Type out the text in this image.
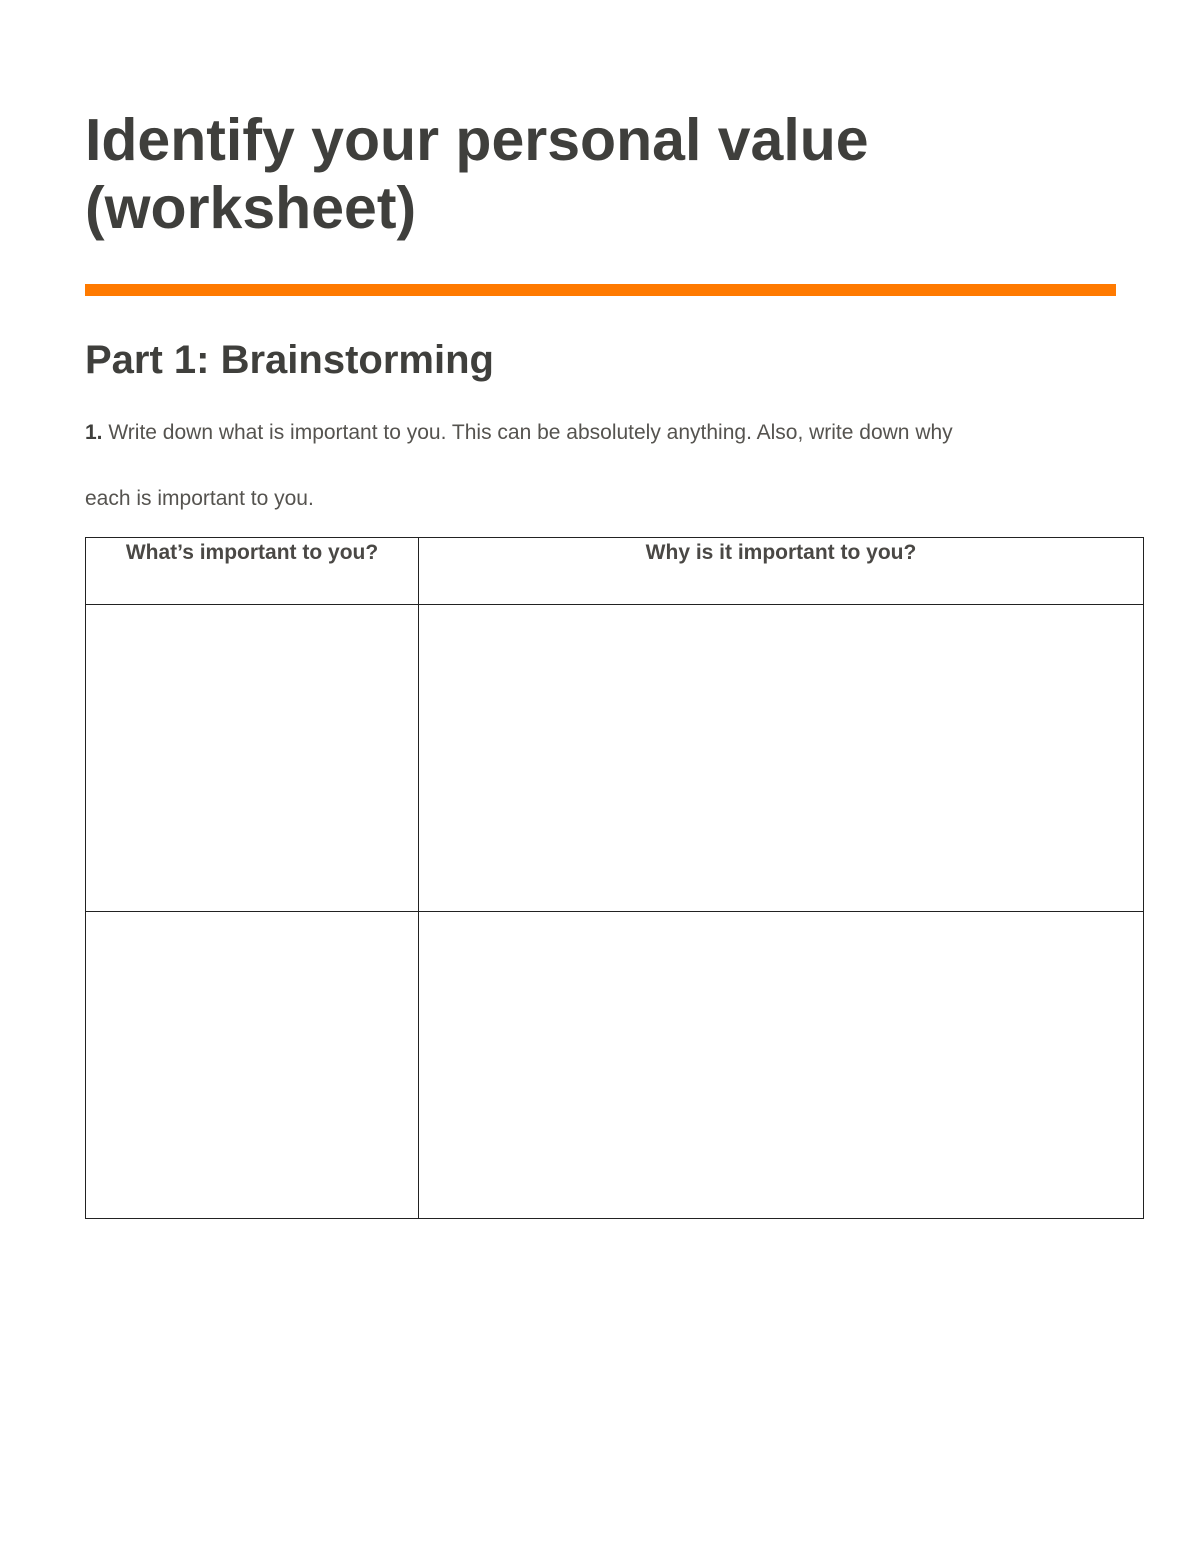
Identify your personal value (worksheet)
Part 1: Brainstorming

1. Write down what is important to you. This can be absolutely anything. Also, write down why each is important to you.

What’s important to you?	Why is it important to you?
